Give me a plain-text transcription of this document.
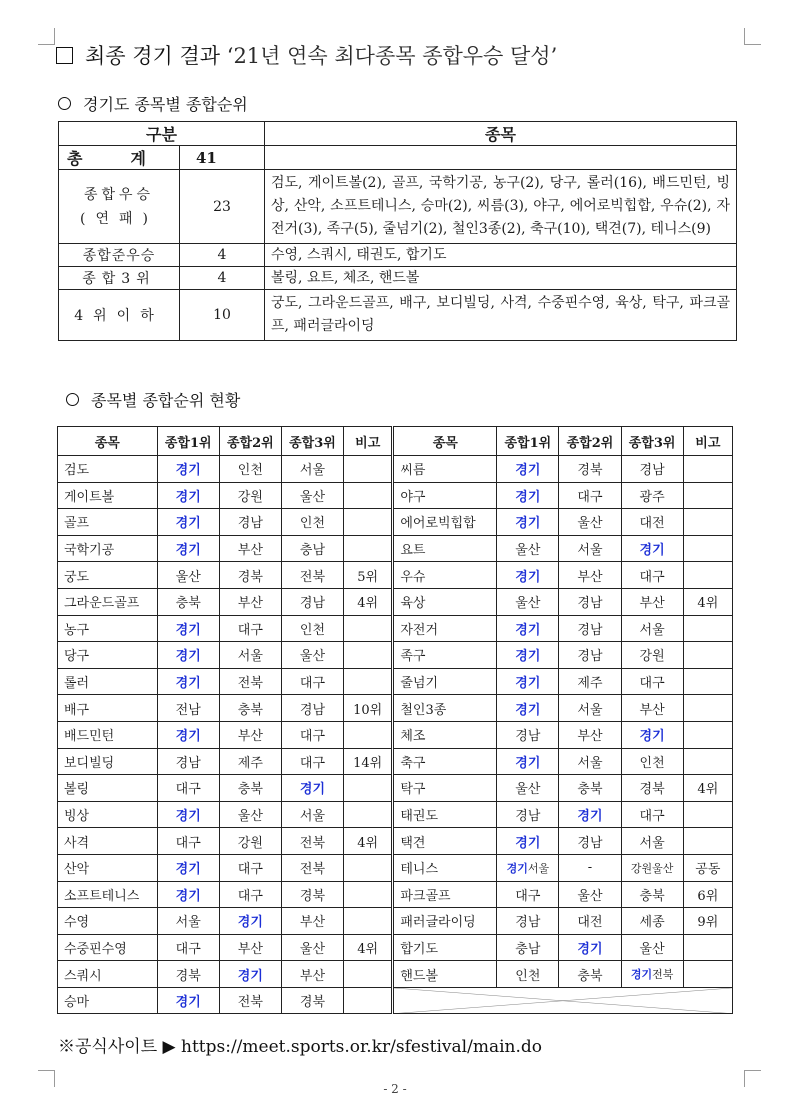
최종 경기 결과 ‘21년 연속 최다종목 종합우승 달성’
경기도 종목별 종합순위
구분		종목
총 계	41	

종합우승
(연패)	23	검도, 게이트볼(2), 골프, 국학기공, 농구(2), 당구, 롤러(16), 배드민턴, 빙상, 산악, 소프트테니스, 승마(2), 씨름(3), 야구, 에어로빅힙합, 우슈(2), 자전거(3), 족구(5), 줄넘기(2), 철인3종(2), 축구(10), 택견(7), 테니스(9)
종합준우승	4	수영, 스쿼시, 태권도, 합기도
종합3위	4	볼링, 요트, 체조, 핸드볼
4위이하	10	궁도, 그라운드골프, 배구, 보디빌딩, 사격, 수중핀수영, 육상, 탁구, 파크골프, 패러글라이딩
종목별 종합순위 현황
종목	종합1위	종합2위	종합3위	비고	종목	종합1위	종합2위	종합3위	비고
검도	경기	인천	서울		씨름	경기	경북	경남	
게이트볼	경기	강원	울산		야구	경기	대구	광주	
골프	경기	경남	인천		에어로빅힙합	경기	울산	대전	
국학기공	경기	부산	충남		요트	울산	서울	경기	
궁도	울산	경북	전북	5위	우슈	경기	부산	대구	
그라운드골프	충북	부산	경남	4위	육상	울산	경남	부산	4위
농구	경기	대구	인천		자전거	경기	경남	서울	
당구	경기	서울	울산		족구	경기	경남	강원	
롤러	경기	전북	대구		줄넘기	경기	제주	대구	
배구	전남	충북	경남	10위	철인3종	경기	서울	부산	
배드민턴	경기	부산	대구		체조	경남	부산	경기	
보디빌딩	경남	제주	대구	14위	축구	경기	서울	인천	
볼링	대구	충북	경기		탁구	울산	충북	경북	4위
빙상	경기	울산	서울		태권도	경남	경기	대구	
사격	대구	강원	전북	4위	택견	경기	경남	서울	
산악	경기	대구	전북		테니스	경기서울	-	강원울산	공동
소프트테니스	경기	대구	경북		파크골프	대구	울산	충북	6위
수영	서울	경기	부산		패러글라이딩	경남	대전	세종	9위
수중핀수영	대구	부산	울산	4위	합기도	충남	경기	울산	
스쿼시	경북	경기	부산		핸드볼	인천	충북	경기전북	
승마	경기	전북	경북		
※공식사이트 ▶ https://meet.sports.or.kr/sfestival/main.do
- 2 -
